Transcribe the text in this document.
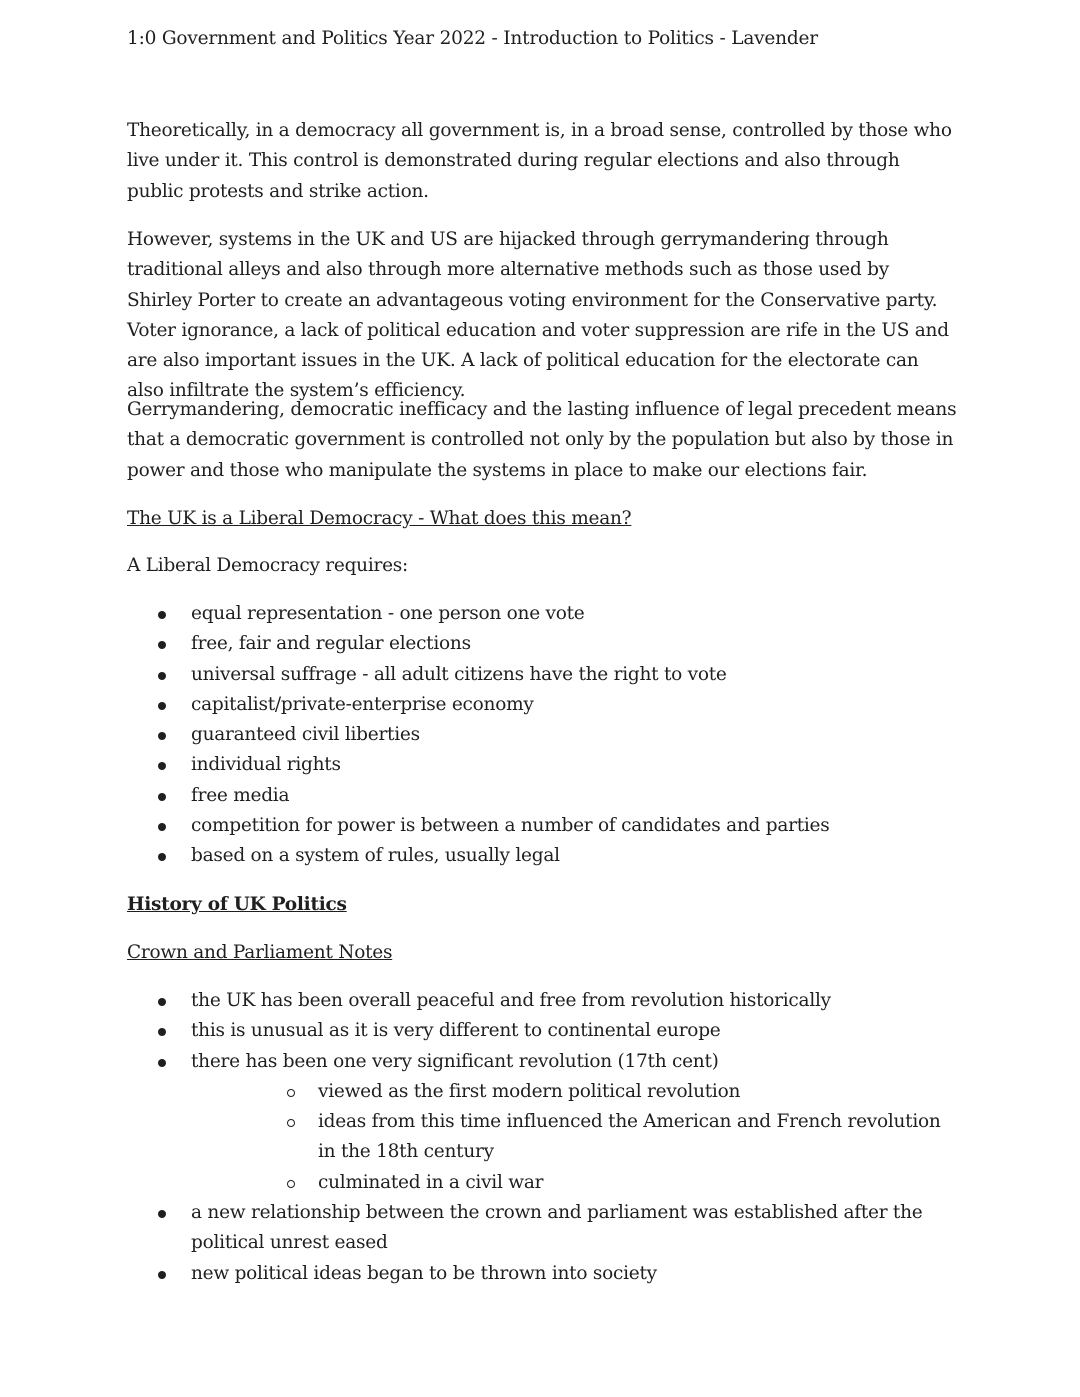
1:0 Government and Politics Year 2022 - Introduction to Politics - Lavender

Theoretically, in a democracy all government is, in a broad sense, controlled by those who live under it. This control is demonstrated during regular elections and also through public protests and strike action.

However, systems in the UK and US are hijacked through gerrymandering through traditional alleys and also through more alternative methods such as those used by Shirley Porter to create an advantageous voting environment for the Conservative party. Voter ignorance, a lack of political education and voter suppression are rife in the US and are also important issues in the UK. A lack of political education for the electorate can also infiltrate the system’s efficiency.

Gerrymandering, democratic inefficacy and the lasting influence of legal precedent means that a democratic government is controlled not only by the population but also by those in power and those who manipulate the systems in place to make our elections fair.

The UK is a Liberal Democracy - What does this mean?

A Liberal Democracy requires:

equal representation - one person one vote
free, fair and regular elections
universal suffrage - all adult citizens have the right to vote
capitalist/private-enterprise economy
guaranteed civil liberties
individual rights
free media
competition for power is between a number of candidates and parties
based on a system of rules, usually legal

History of UK Politics

Crown and Parliament Notes

the UK has been overall peaceful and free from revolution historically
this is unusual as it is very different to continental europe
there has been one very significant revolution (17th cent)
viewed as the first modern political revolution
ideas from this time influenced the American and French revolution in the 18th century
culminated in a civil war
a new relationship between the crown and parliament was established after the political unrest eased
new political ideas began to be thrown into society
